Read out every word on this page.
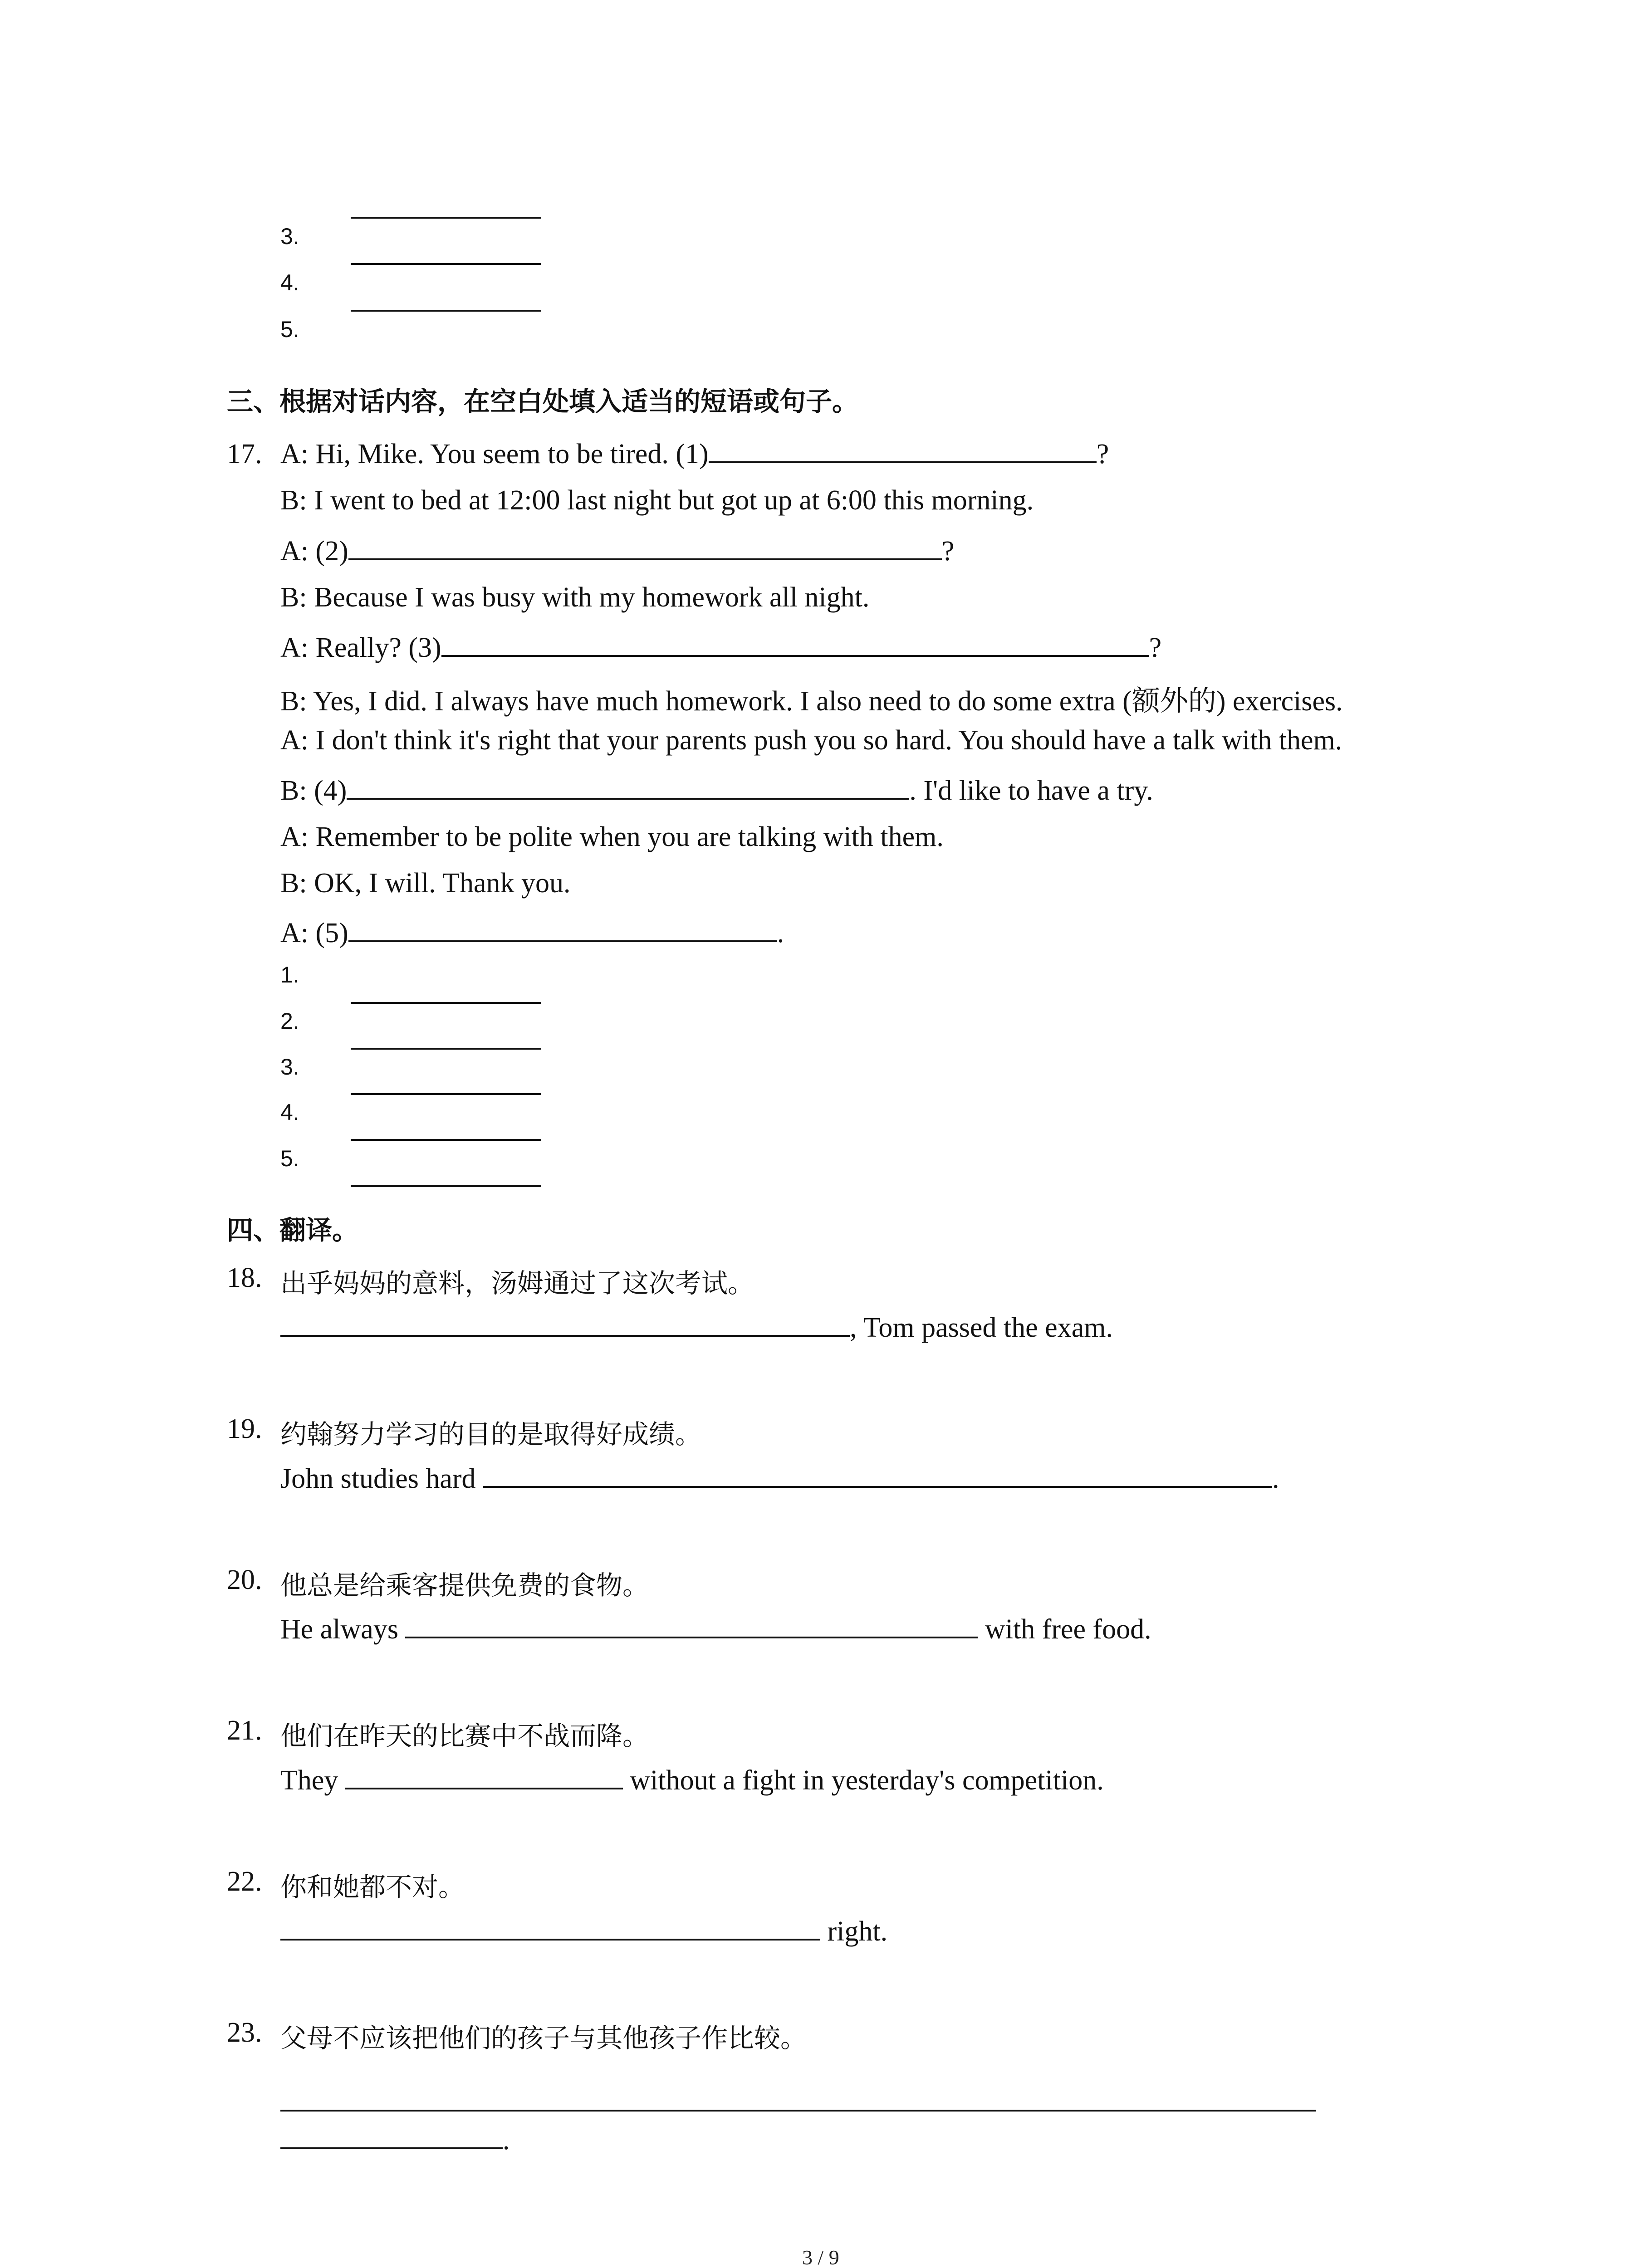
3.
4.
5.
三、根据对话内容，在空白处填入适当的短语或句子。
17. A: Hi, Mike. You seem to be tired. (1)	?
B: I went to bed at 12:00 last night but got up at 6:00 this morning.
A: (2)	?
B: Because I was busy with my homework all night.
A: Really? (3)	?
B: Yes, I did. I always have much homework. I also need to do some extra (额外的) exercises.
A: I don't think it's right that your parents push you so hard. You should have a talk with them.
B: (4)	. I'd like to have a try.
A: Remember to be polite when you are talking with them.
B: OK, I will. Thank you.
A: (5)	.
1.
2.
3.
4.
5.
四、翻译。
18. 出乎妈妈的意料，汤姆通过了这次考试。
, Tom passed the exam.
19. 约翰努力学习的目的是取得好成绩。
John studies hard	.
20. 他总是给乘客提供免费的食物。
He always	with free food.
21. 他们在昨天的比赛中不战而降。
They	without a fight in yesterday's competition.
22. 你和她都不对。
right.
23. 父母不应该把他们的孩子与其他孩子作比较。
.
3 / 9
